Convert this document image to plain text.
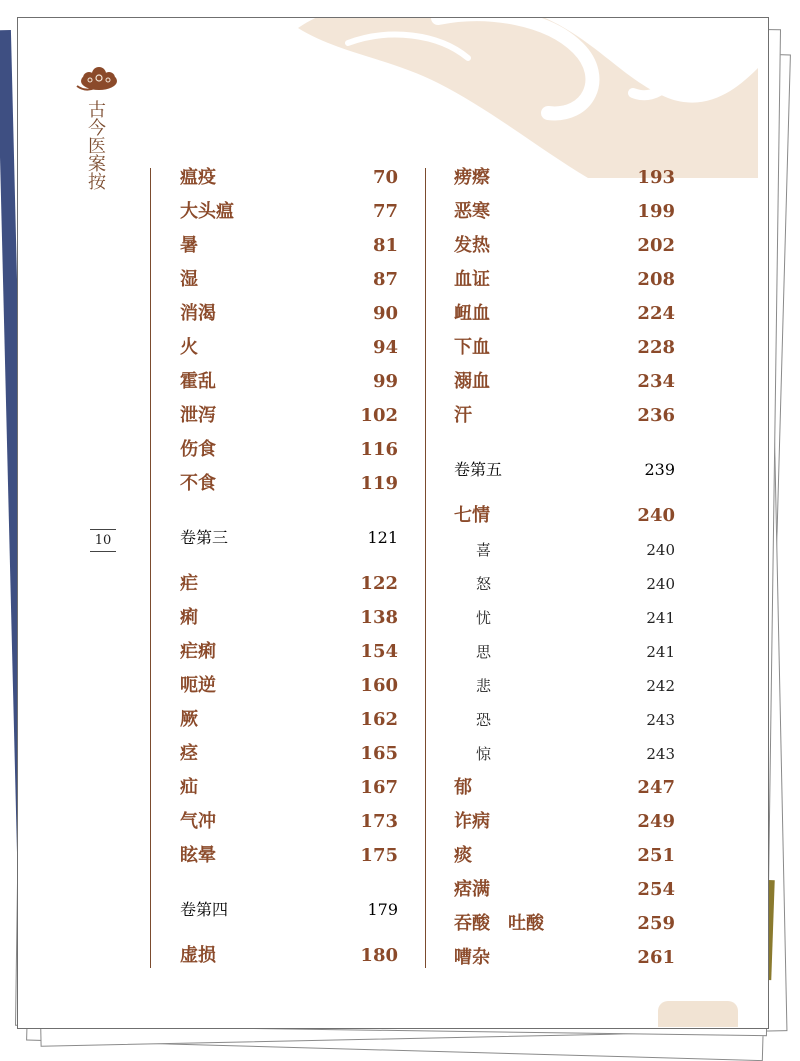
古今医案按
10
瘟疫	70
大头瘟	77
暑	81
湿	87
消渴	90
火	94
霍乱	99
泄泻	102
伤食	116
不食	119
卷第三	121
疟	122
痢	138
疟痢	154
呃逆	160
厥	162
痉	165
疝	167
气冲	173
眩晕	175
卷第四	179
虚损	180
痨瘵	193
恶寒	199
发热	202
血证	208
衄血	224
下血	228
溺血	234
汗	236
卷第五	239
七情	240
喜	240
怒	240
忧	241
思	241
悲	242
恐	243
惊	243
郁	247
诈病	249
痰	251
痞满	254
吞酸　吐酸	259
嘈杂	261
